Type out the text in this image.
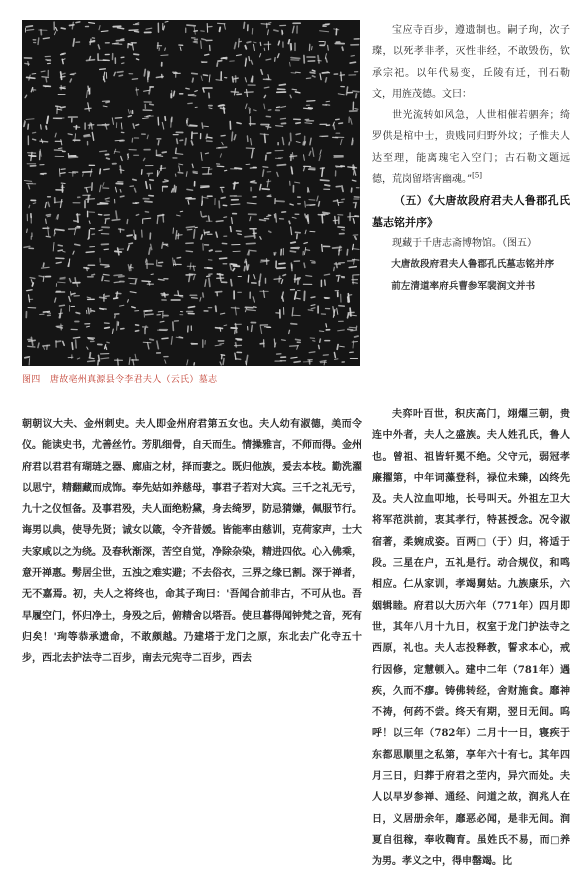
图四　唐故亳州真源县令李君夫人（云氏）墓志

宝应寺百步，遵遗制也。嗣子珣，次子璨，以死孝非孝，灭性非经，不敢毁伤，钦承宗祀。以年代易变，丘陵有迁，刊石勒文，用旌茂德。文曰：

世光流转如风急，人世相催若驷奔；绮罗供是棺中士，贵贱同归野外坟；子惟夫人达至理，能离瑰宅入空门；古石勒文题远德，荒岗留塔害幽魂。”[5]

（五）《大唐故段府君夫人鲁郡孔氏墓志铭并序》

现藏于千唐志斋博物馆。（图五）

大唐故段府君夫人鲁郡孔氏墓志铭并序

前左清道率府兵曹参军裴润文并书

朝朝议大夫、金州刺史。夫人即金州府君第五女也。夫人幼有淑德，美而令仪。能读史书，尤善丝竹。芳肌细骨，自天而生。情操雅言，不师而得。金州府君以君君有瑚琏之器、廊庙之材，择而妻之。既归他族，爰去本枝。勤洗濯以思宁，精翻藏而成饰。奉先姑如养慈母，事君子若对大宾。三千之礼无亏，九十之仪恒备。及事君殁，夫人面绝粉黛，身去绮罗，防忌猜嫌，佩服节行。诲男以典，使导先贤；诚女以箴，令齐昔媛。皆能率由慈训，克荷家声，士大夫家咸以之为绕。及春秋渐深，苦空自觉，净除杂染，精进四依。心入佛乘，意开禅惠。髣居尘世，五浊之难实避；不去俗衣，三界之缘已割。深于禅者，无不嘉焉。初，夫人之将终也，命其子珣曰：'吾闻合前非古，不可从也。吾早履空门，怀归净土，身殁之后，俯精舍以塔吾。使旦暮得闻钟梵之音，死有归矣！'珣等恭承遗命，不敢颇越。乃建塔于龙门之原，东北去广化寺五十步，西北去护法寺二百步，南去元宪寺二百步，西去

夫弈叶百世，积庆高门，翊燿三朝，贵连中外者，夫人之盛族。夫人姓孔氏，鲁人也。曾祖、祖皆轩冕不绝。父守元，弱冠孝廉擢第，中年词藻登科，禄位未臻，凶终先及。夫人泣血叩地，长号叫天。外祖左卫大将军范洪前，衷其孝行，特甚授念。况令淑宿著，柔婉成姿。百两□（于）归，将适于段。三星在户，五礼是行。动合规仪，和鸣相应。仁从家训，孝竭舅姑。九族康乐，六姻辑睦。府君以大历六年（771年）四月即世，其年八月十九日，权室于龙门护法寺之西原，礼也。夫人志投释教，誓求本心，戒行因修，定慧顿入。建中二年（781年）遇疾，久而不瘳。铸佛转经，舍财施食。靡神不祷，何药不尝。终天有期，翌日无间。呜呼！以三年（782年）二月十一日，寝疾于东都思顺里之私第，享年六十有七。其年四月三日，归葬于府君之茔内，异穴而处。夫人以早岁参禅、通经、问道之故，润兆人在日，义居册余年，靡恶必闻，是非无间。润夏自徂稼，奉收鞫育。虽姓氏不易，而□养为男。孝义之中，得申罄竭。比
